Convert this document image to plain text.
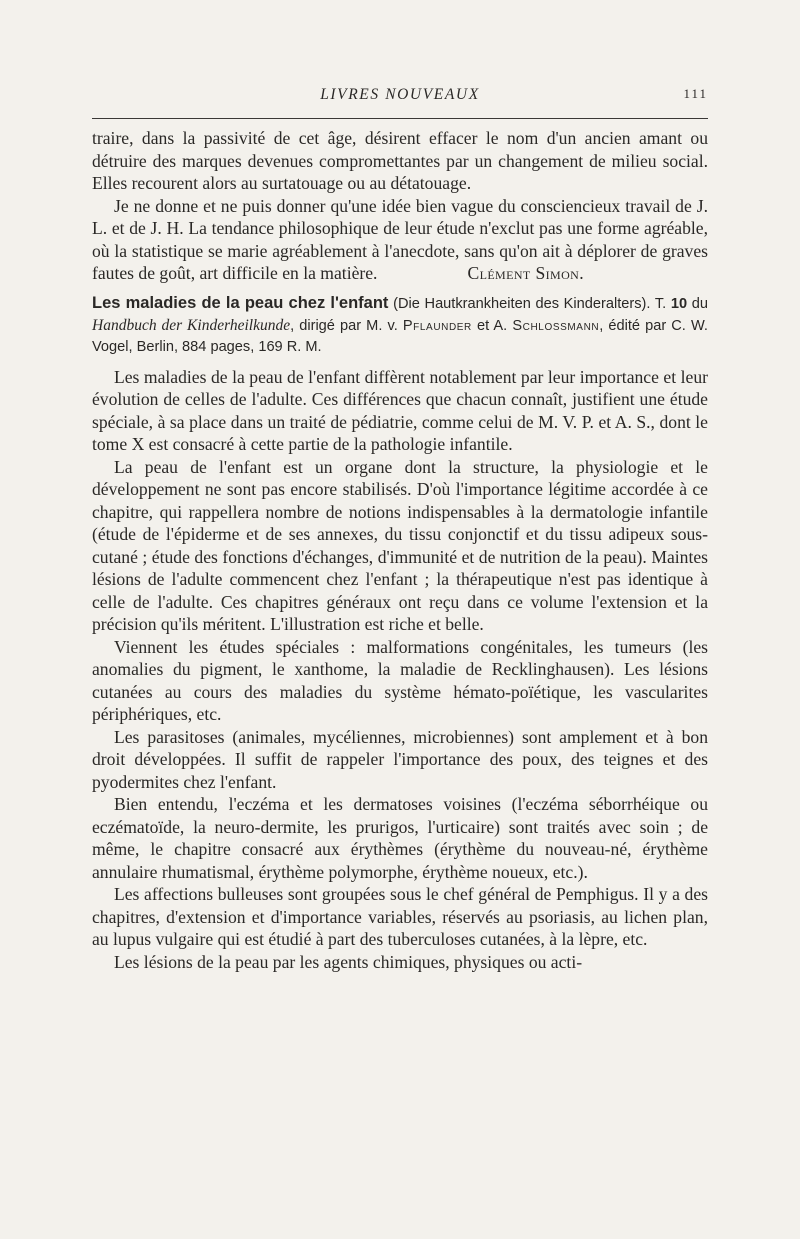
LIVRES NOUVEAUX	111

traire, dans la passivité de cet âge, désirent effacer le nom d'un ancien amant ou détruire des marques devenues compromettantes par un changement de milieu social. Elles recourent alors au surtatouage ou au détatouage.

Je ne donne et ne puis donner qu'une idée bien vague du consciencieux travail de J. L. et de J. H. La tendance philosophique de leur étude n'exclut pas une forme agréable, où la statistique se marie agréablement à l'anecdote, sans qu'on ait à déplorer de graves fautes de goût, art difficile en la matière.	Clément Simon.

Les maladies de la peau chez l'enfant (Die Hautkrankheiten des Kinderalters). T. 10 du Handbuch der Kinderheilkunde, dirigé par M. v. Pflaunder et A. Schlossmann, édité par C. W. Vogel, Berlin, 884 pages, 169 R. M.

Les maladies de la peau de l'enfant diffèrent notablement par leur importance et leur évolution de celles de l'adulte. Ces différences que chacun connaît, justifient une étude spéciale, à sa place dans un traité de pédiatrie, comme celui de M. V. P. et A. S., dont le tome X est consacré à cette partie de la pathologie infantile.

La peau de l'enfant est un organe dont la structure, la physiologie et le développement ne sont pas encore stabilisés. D'où l'importance légitime accordée à ce chapitre, qui rappellera nombre de notions indispensables à la dermatologie infantile (étude de l'épiderme et de ses annexes, du tissu conjonctif et du tissu adipeux sous-cutané ; étude des fonctions d'échanges, d'immunité et de nutrition de la peau). Maintes lésions de l'adulte commencent chez l'enfant ; la thérapeutique n'est pas identique à celle de l'adulte. Ces chapitres généraux ont reçu dans ce volume l'extension et la précision qu'ils méritent. L'illustration est riche et belle.

Viennent les études spéciales : malformations congénitales, les tumeurs (les anomalies du pigment, le xanthome, la maladie de Recklinghausen). Les lésions cutanées au cours des maladies du système hémato-poïétique, les vascularites périphériques, etc.

Les parasitoses (animales, mycéliennes, microbiennes) sont amplement et à bon droit développées. Il suffit de rappeler l'importance des poux, des teignes et des pyodermites chez l'enfant.

Bien entendu, l'eczéma et les dermatoses voisines (l'eczéma séborrhéique ou eczématoïde, la neuro-dermite, les prurigos, l'urticaire) sont traités avec soin ; de même, le chapitre consacré aux érythèmes (érythème du nouveau-né, érythème annulaire rhumatismal, érythème polymorphe, érythème noueux, etc.).

Les affections bulleuses sont groupées sous le chef général de Pemphigus. Il y a des chapitres, d'extension et d'importance variables, réservés au psoriasis, au lichen plan, au lupus vulgaire qui est étudié à part des tuberculoses cutanées, à la lèpre, etc.

Les lésions de la peau par les agents chimiques, physiques ou acti-
